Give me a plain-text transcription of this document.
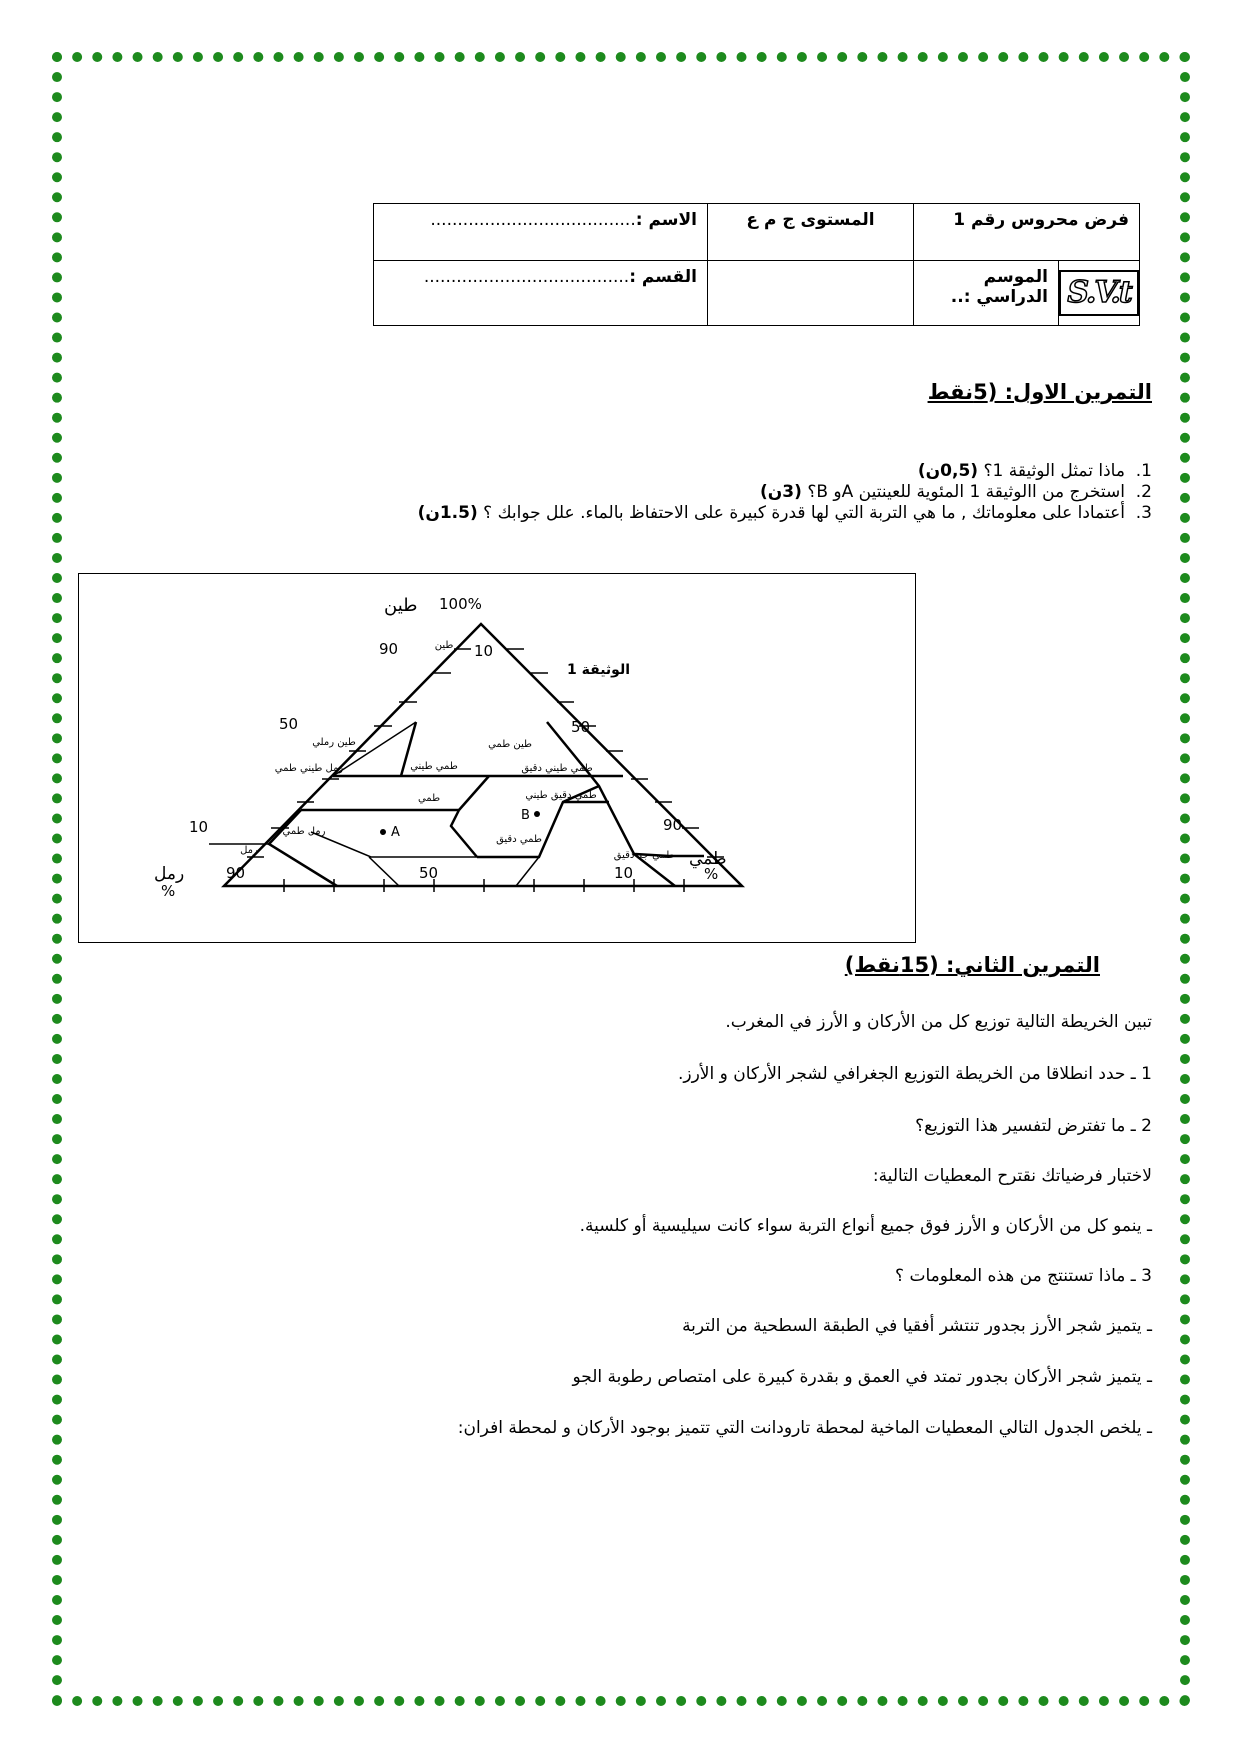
فرض محروس رقم 1	المستوى ج م ع	الاسم :......................................

S.V.t
الموسم الدراسي :..		القسم :......................................
التمرين الاول: (5نقط
1.  ماذا تمثل الوثيقة 1؟ (0,5ن)
2.  استخرج من االوثيقة 1 المئوية للعينتين Aو B؟ (3ن)
3.  أعتمادا على معلوماتك , ما هي التربة التي لها قدرة كبيرة على الاحتفاظ بالماء. علل جوابك ؟ (1.5ن)
100%
طين
90
50
10
10
50
90
90	50	10
رمل
%
طمي
%
الوثيقة 1
طين
طين رملي	طين طمي
طمي طيني
رمل طيني طمي	طمي طيني دقيق
طمي دقيق طيني
رمل طمي
طمي
طمي دقيق
رمل	طمي جد دقيق
A
B
التمرين الثاني: (15نقط)
تبين الخريطة التالية توزيع كل من الأركان و الأرز في المغرب.
1 ـ حدد انطلاقا من الخريطة التوزيع الجغرافي لشجر الأركان و الأرز.
2 ـ ما تفترض لتفسير هذا التوزيع؟
لاختبار فرضياتك نقترح المعطيات التالية:
ـ ينمو كل من الأركان و الأرز فوق جميع أنواع التربة سواء كانت سيليسية أو كلسية.
3 ـ ماذا تستنتج من هذه المعلومات ؟
ـ يتميز شجر الأرز بجدور تنتشر أفقيا في الطبقة السطحية من التربة
ـ يتميز شجر الأركان بجدور تمتد في العمق و بقدرة كبيرة على امتصاص رطوبة الجو
ـ يلخص الجدول التالي المعطيات الماخية لمحطة تارودانت التي تتميز بوجود الأركان و لمحطة افران:
